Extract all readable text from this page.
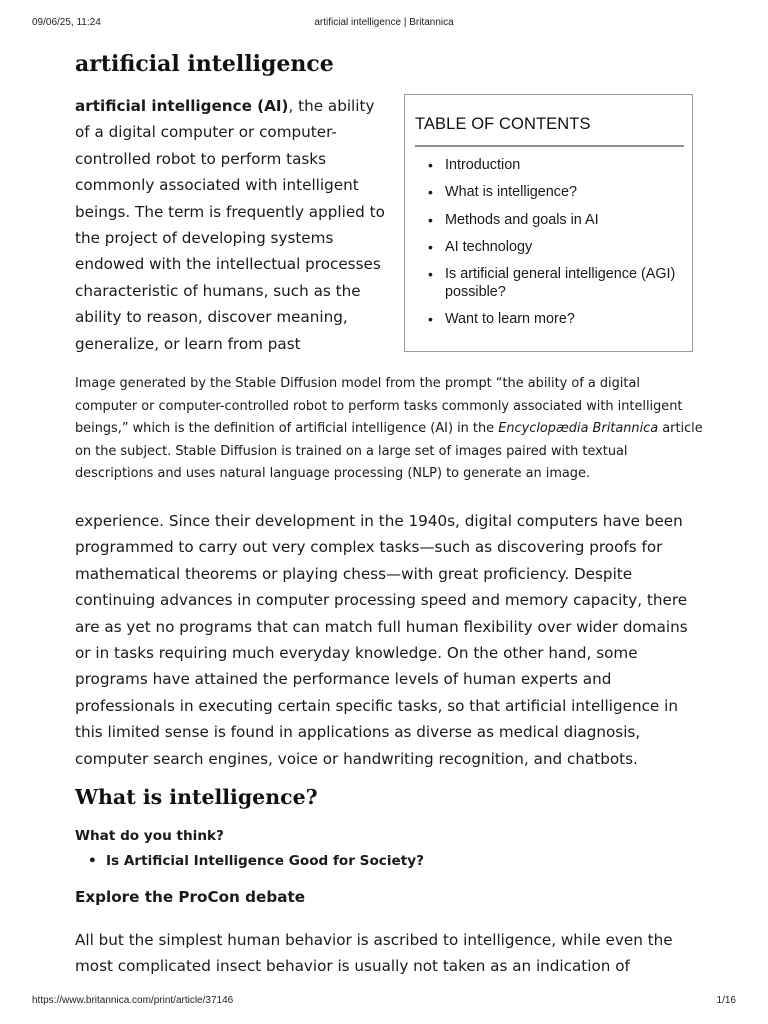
09/06/25, 11:24	artificial intelligence | Britannica
artificial intelligence

artificial intelligence (AI), the ability of a digital computer or computer-controlled robot to perform tasks commonly associated with intelligent beings. The term is frequently applied to the project of developing systems endowed with the intellectual processes characteristic of humans, such as the ability to reason, discover meaning, generalize, or learn from past

TABLE OF CONTENTS
• Introduction
• What is intelligence?
• Methods and goals in AI
• AI technology
• Is artificial general intelligence (AGI) possible?
• Want to learn more?

Image generated by the Stable Diffusion model from the prompt “the ability of a digital computer or computer-controlled robot to perform tasks commonly associated with intelligent beings,” which is the definition of artificial intelligence (AI) in the Encyclopædia Britannica article on the subject. Stable Diffusion is trained on a large set of images paired with textual descriptions and uses natural language processing (NLP) to generate an image.

experience. Since their development in the 1940s, digital computers have been programmed to carry out very complex tasks—such as discovering proofs for mathematical theorems or playing chess—with great proficiency. Despite continuing advances in computer processing speed and memory capacity, there are as yet no programs that can match full human flexibility over wider domains or in tasks requiring much everyday knowledge. On the other hand, some programs have attained the performance levels of human experts and professionals in executing certain specific tasks, so that artificial intelligence in this limited sense is found in applications as diverse as medical diagnosis, computer search engines, voice or handwriting recognition, and chatbots.

What is intelligence?

What do you think?

• Is Artificial Intelligence Good for Society?

Explore the ProCon debate

All but the simplest human behavior is ascribed to intelligence, while even the most complicated insect behavior is usually not taken as an indication of

https://www.britannica.com/print/article/37146	1/16
